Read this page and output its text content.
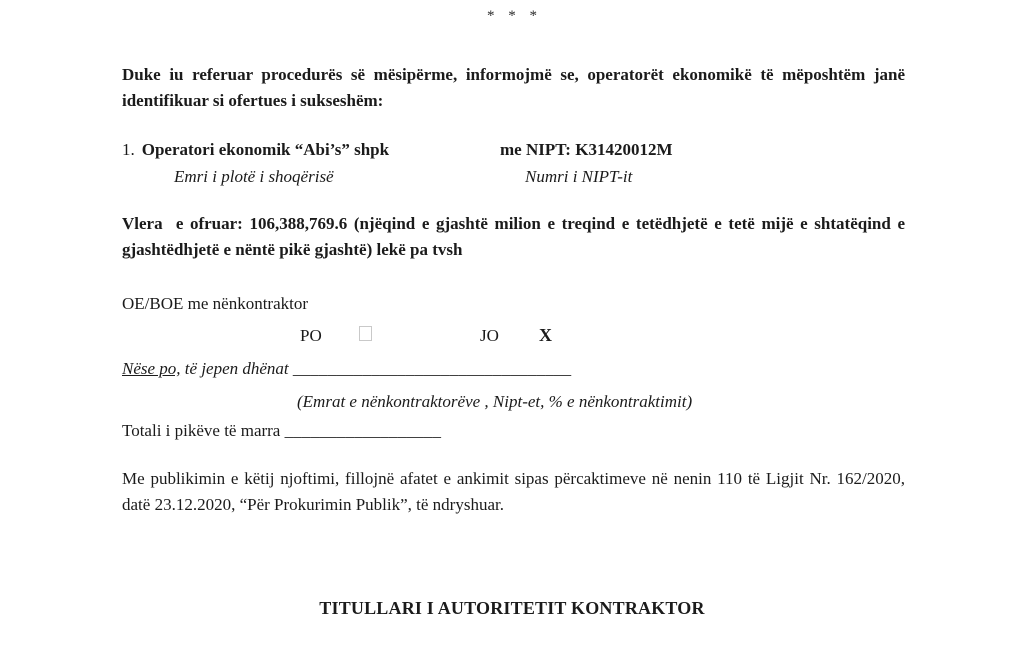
* * *

Duke iu referuar procedurës së mësipërme, informojmë se, operatorët ekonomikë të mëposhtëm janë identifikuar si ofertues i sukseshëm:

1. Operatori ekonomik “Abi’s” shpk	me NIPT: K31420012M
Emri i plotë i shoqërisë	Numri i NIPT-it

Vlera  e ofruar: 106,388,769.6 (njëqind e gjashtë milion e treqind e tetëdhjetë e tetë mijë e shtatëqind e gjashtëdhjetë e nëntë pikë gjashtë) lekë pa tvsh

OE/BOE me nënkontraktor

PO	JO X

Nëse po, të jepen dhënat ________________________________

(Emrat e nënkontraktorëve , Nipt-et, % e nënkontraktimit)

Totali i pikëve të marra __________________

Me publikimin e këtij njoftimi, fillojnë afatet e ankimit sipas përcaktimeve në nenin 110 të Ligjit Nr. 162/2020, datë 23.12.2020, “Për Prokurimin Publik”, të ndryshuar.

TITULLARI I AUTORITETIT KONTRAKTOR
